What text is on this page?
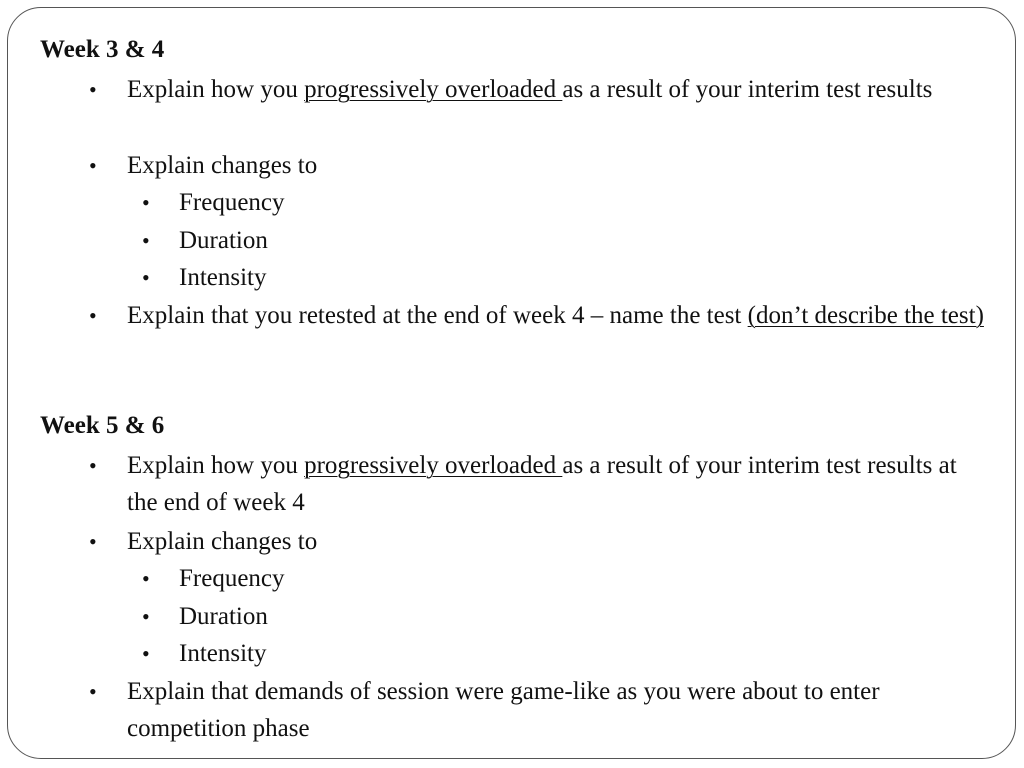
Week 3 & 4
• Explain how you progressively overloaded as a result of your interim test results
• Explain changes to
• Frequency
• Duration
• Intensity
• Explain that you retested at the end of week 4 – name the test (don’t describe the test)
Week 5 & 6
• Explain how you progressively overloaded as a result of your interim test results at the end of week 4
• Explain changes to
• Frequency
• Duration
• Intensity
• Explain that demands of session were game-like as you were about to enter competition phase
